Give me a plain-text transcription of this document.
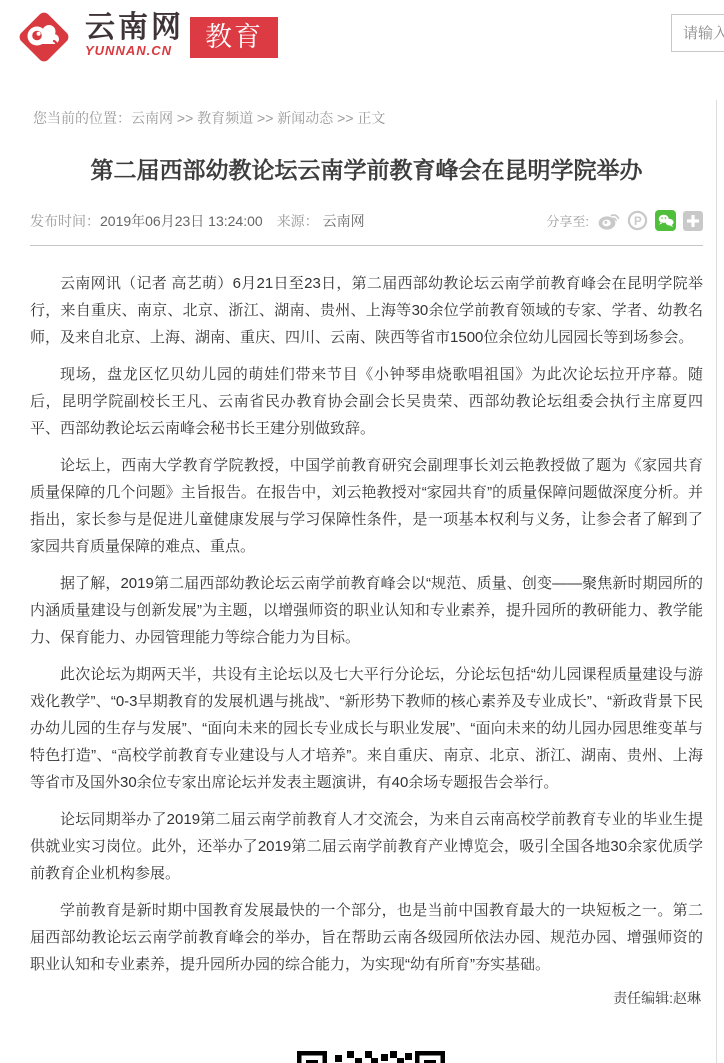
云南网
YUNNAN.CN	教育
请输入关
您当前的位置：云南网 >> 教育频道 >> 新闻动态 >> 正文
第二届西部幼教论坛云南学前教育峰会在昆明学院举办
发布时间：2019年06月23日 13:24:00 来源： 云南网	分享至:	P

云南网讯（记者 高艺萌）6月21日至23日，第二届西部幼教论坛云南学前教育峰会在昆明学院举行，来自重庆、南京、北京、浙江、湖南、贵州、上海等30余位学前教育领域的专家、学者、幼教名师，及来自北京、上海、湖南、重庆、四川、云南、陕西等省市1500位余位幼儿园园长等到场参会。

现场，盘龙区忆贝幼儿园的萌娃们带来节目《小钟琴串烧歌唱祖国》为此次论坛拉开序幕。随后，昆明学院副校长王凡、云南省民办教育协会副会长吴贵荣、西部幼教论坛组委会执行主席夏四平、西部幼教论坛云南峰会秘书长王建分别做致辞。

论坛上，西南大学教育学院教授，中国学前教育研究会副理事长刘云艳教授做了题为《家园共育质量保障的几个问题》主旨报告。在报告中，刘云艳教授对“家园共育”的质量保障问题做深度分析。并指出，家长参与是促进儿童健康发展与学习保障性条件，是一项基本权利与义务，让参会者了解到了家园共育质量保障的难点、重点。

据了解，2019第二届西部幼教论坛云南学前教育峰会以“规范、质量、创变——聚焦新时期园所的内涵质量建设与创新发展”为主题，以增强师资的职业认知和专业素养，提升园所的教研能力、教学能力、保育能力、办园管理能力等综合能力为目标。

此次论坛为期两天半，共设有主论坛以及七大平行分论坛，分论坛包括“幼儿园课程质量建设与游戏化教学”、“0-3早期教育的发展机遇与挑战”、“新形势下教师的核心素养及专业成长”、“新政背景下民办幼儿园的生存与发展”、“面向未来的园长专业成长与职业发展”、“面向未来的幼儿园办园思维变革与特色打造”、“高校学前教育专业建设与人才培养”。来自重庆、南京、北京、浙江、湖南、贵州、上海等省市及国外30余位专家出席论坛并发表主题演讲，有40余场专题报告会举行。

论坛同期举办了2019第二届云南学前教育人才交流会，为来自云南高校学前教育专业的毕业生提供就业实习岗位。此外，还举办了2019第二届云南学前教育产业博览会，吸引全国各地30余家优质学前教育企业机构参展。

学前教育是新时期中国教育发展最快的一个部分，也是当前中国教育最大的一块短板之一。第二届西部幼教论坛云南学前教育峰会的举办，旨在帮助云南各级园所依法办园、规范办园、增强师资的职业认知和专业素养，提升园所办园的综合能力，为实现“幼有所育”夯实基础。

责任编辑:赵琳
